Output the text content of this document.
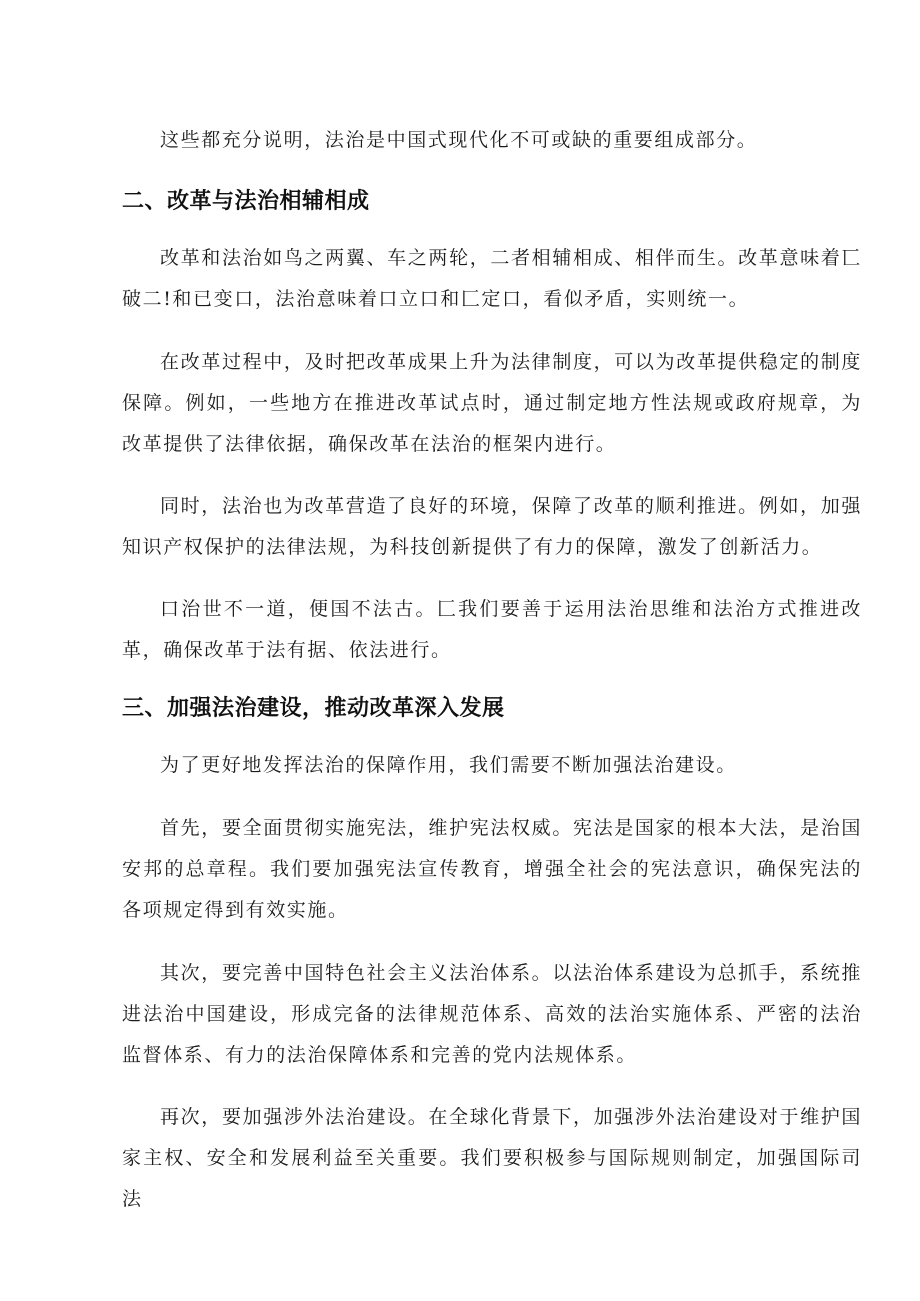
这些都充分说明，法治是中国式现代化不可或缺的重要组成部分。

二、改革与法治相辅相成

改革和法治如鸟之两翼、车之两轮，二者相辅相成、相伴而生。改革意味着匸破二!和已变口，法治意味着口立口和匚定口，看似矛盾，实则统一。

在改革过程中，及时把改革成果上升为法律制度，可以为改革提供稳定的制度保障。例如，一些地方在推进改革试点时，通过制定地方性法规或政府规章，为改革提供了法律依据，确保改革在法治的框架内进行。

同时，法治也为改革营造了良好的环境，保障了改革的顺利推进。例如，加强知识产权保护的法律法规，为科技创新提供了有力的保障，激发了创新活力。

口治世不一道，便国不法古。匚我们要善于运用法治思维和法治方式推进改革，确保改革于法有据、依法进行。

三、加强法治建设，推动改革深入发展

为了更好地发挥法治的保障作用，我们需要不断加强法治建设。

首先，要全面贯彻实施宪法，维护宪法权威。宪法是国家的根本大法，是治国安邦的总章程。我们要加强宪法宣传教育，增强全社会的宪法意识，确保宪法的各项规定得到有效实施。

其次，要完善中国特色社会主义法治体系。以法治体系建设为总抓手，系统推进法治中国建设，形成完备的法律规范体系、高效的法治实施体系、严密的法治监督体系、有力的法治保障体系和完善的党内法规体系。

再次，要加强涉外法治建设。在全球化背景下，加强涉外法治建设对于维护国家主权、安全和发展利益至关重要。我们要积极参与国际规则制定，加强国际司法
